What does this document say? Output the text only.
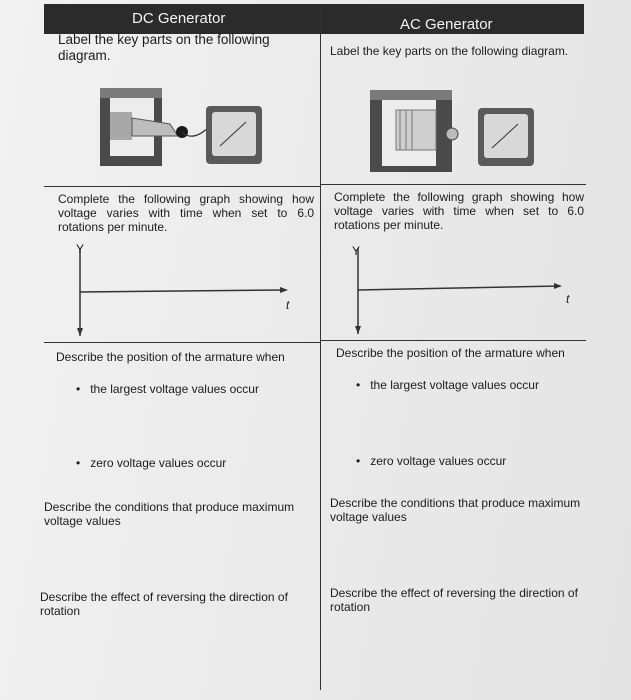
DC Generator	AC Generator
Label the key parts on the following diagram.
Complete the following graph showing how voltage varies with time when set to 6.0 rotations per minute.
Y
t
Describe the position of the armature when
• the largest voltage values occur
• zero voltage values occur
Describe the conditions that produce maximum voltage values
Describe the effect of reversing the direction of rotation
Label the key parts on the following diagram.
Complete the following graph showing how voltage varies with time when set to 6.0 rotations per minute.
Y
t
Describe the position of the armature when
• the largest voltage values occur
• zero voltage values occur
Describe the conditions that produce maximum voltage values
Describe the effect of reversing the direction of rotation
